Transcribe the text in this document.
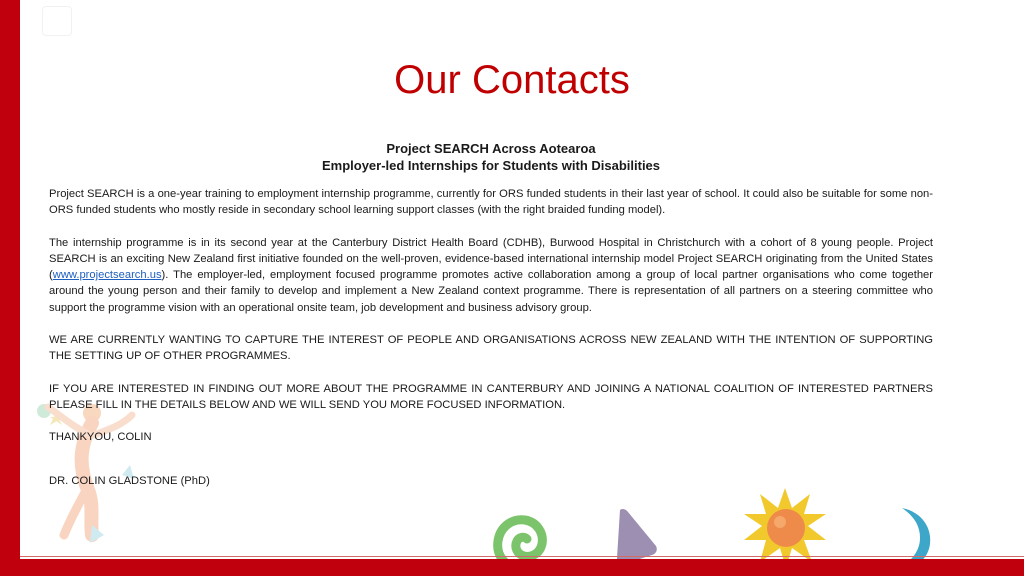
Our Contacts
Project SEARCH Across Aotearoa
Employer-led Internships for Students with Disabilities

Project SEARCH is a one-year training to employment internship programme, currently for ORS funded students in their last year of school. It could also be suitable for some non-ORS funded students who mostly reside in secondary school learning support classes (with the right braided funding model).

The internship programme is in its second year at the Canterbury District Health Board (CDHB), Burwood Hospital in Christchurch with a cohort of 8 young people. Project SEARCH is an exciting New Zealand first initiative founded on the well-proven, evidence-based international internship model Project SEARCH originating from the United States (www.projectsearch.us). The employer-led, employment focused programme promotes active collaboration among a group of local partner organisations who come together around the young person and their family to develop and implement a New Zealand context programme. There is representation of all partners on a steering committee who support the programme vision with an operational onsite team, job development and business advisory group.

WE ARE CURRENTLY WANTING TO CAPTURE THE INTEREST OF PEOPLE AND ORGANISATIONS ACROSS NEW ZEALAND WITH THE INTENTION OF SUPPORTING THE SETTING UP OF OTHER PROGRAMMES.

IF YOU ARE INTERESTED IN FINDING OUT MORE ABOUT THE PROGRAMME IN CANTERBURY AND JOINING A NATIONAL COALITION OF INTERESTED PARTNERS PLEASE FILL IN THE DETAILS BELOW AND WE WILL SEND YOU MORE FOCUSED INFORMATION.

THANKYOU, COLIN

DR. COLIN GLADSTONE (PhD)
